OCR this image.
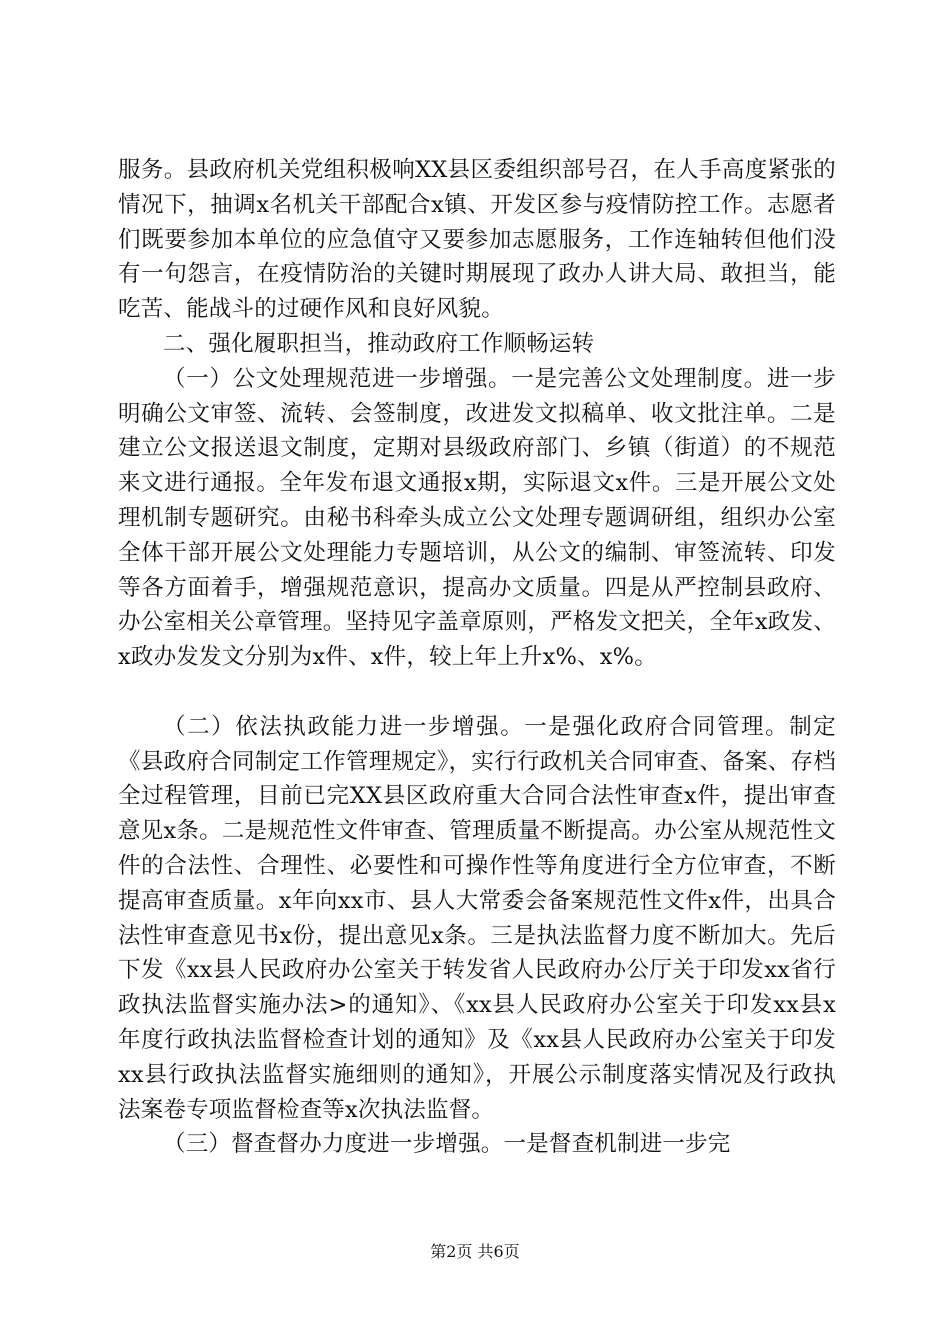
服务。县政府机关党组积极响XX县区委组织部号召，在人手高度紧张的情况下，抽调x名机关干部配合x镇、开发区参与疫情防控工作。志愿者们既要参加本单位的应急值守又要参加志愿服务，工作连轴转但他们没有一句怨言，在疫情防治的关键时期展现了政办人讲大局、敢担当，能吃苦、能战斗的过硬作风和良好风貌。

二、强化履职担当，推动政府工作顺畅运转

（一）公文处理规范进一步增强。一是完善公文处理制度。进一步明确公文审签、流转、会签制度，改进发文拟稿单、收文批注单。二是建立公文报送退文制度，定期对县级政府部门、乡镇（街道）的不规范来文进行通报。全年发布退文通报x期，实际退文x件。三是开展公文处理机制专题研究。由秘书科牵头成立公文处理专题调研组，组织办公室全体干部开展公文处理能力专题培训，从公文的编制、审签流转、印发等各方面着手，增强规范意识，提高办文质量。四是从严控制县政府、办公室相关公章管理。坚持见字盖章原则，严格发文把关，全年x政发、x政办发发文分别为x件、x件，较上年上升x%、x%。

（二）依法执政能力进一步增强。一是强化政府合同管理。制定《县政府合同制定工作管理规定》，实行行政机关合同审查、备案、存档全过程管理，目前已完XX县区政府重大合同合法性审查x件，提出审查意见x条。二是规范性文件审查、管理质量不断提高。办公室从规范性文件的合法性、合理性、必要性和可操作性等角度进行全方位审查，不断提高审查质量。x年向xx市、县人大常委会备案规范性文件x件，出具合法性审查意见书x份，提出意见x条。三是执法监督力度不断加大。先后下发《xx县人民政府办公室关于转发省人民政府办公厅关于印发xx省行政执法监督实施办法>的通知》、《xx县人民政府办公室关于印发xx县x年度行政执法监督检查计划的通知》及《xx县人民政府办公室关于印发xx县行政执法监督实施细则的通知》，开展公示制度落实情况及行政执法案卷专项监督检查等x次执法监督。

（三）督查督办力度进一步增强。一是督查机制进一步完

第2页 共6页
